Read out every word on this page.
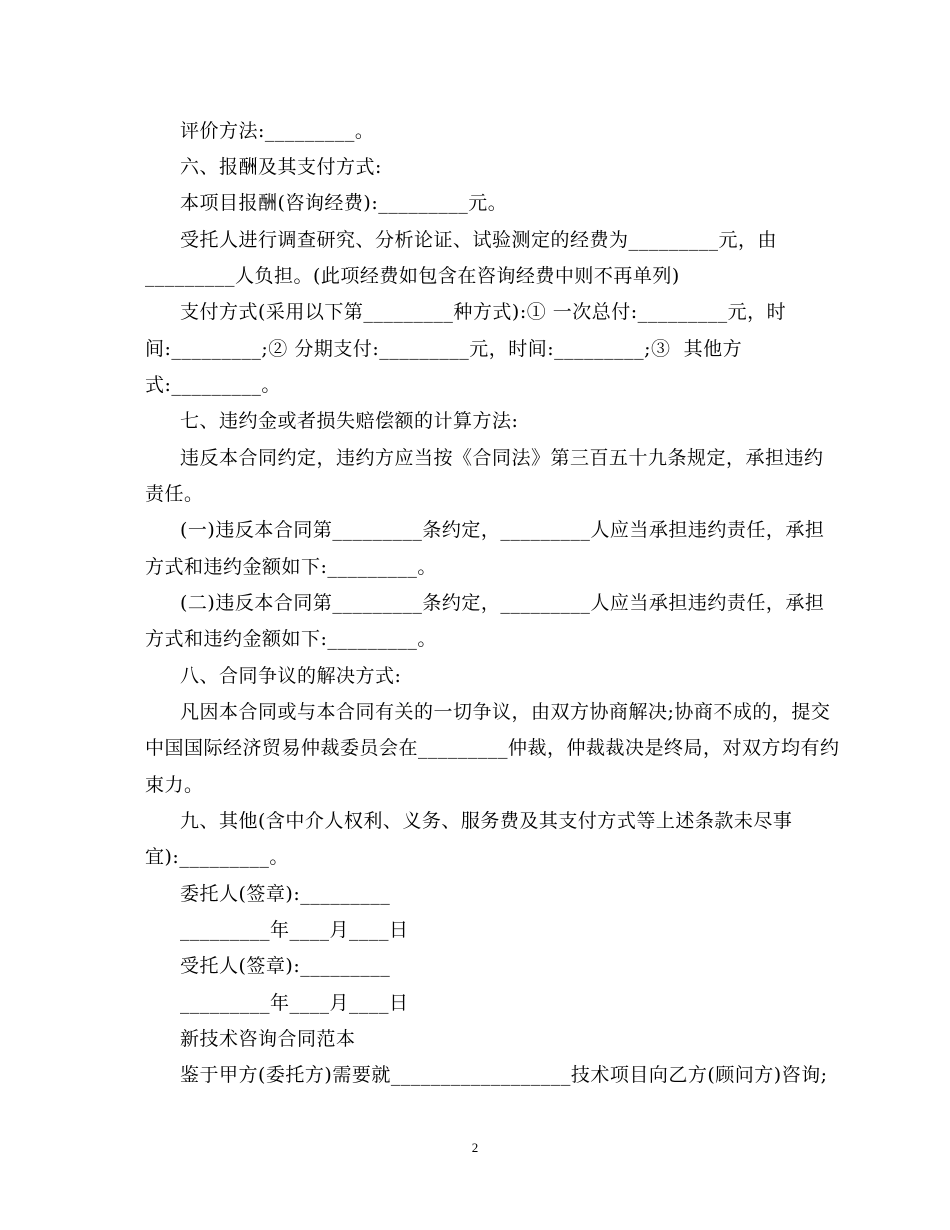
评价方法:_________。
六、报酬及其支付方式:
本项目报酬(咨询经费):_________元。
受托人进行调查研究、分析论证、试验测定的经费为_________元，由
_________人负担。(此项经费如包含在咨询经费中则不再单列)
支付方式(采用以下第_________种方式):① 一次总付:_________元，时
间:_________;② 分期支付:_________元，时间:_________;③  其他方
式:_________。
七、违约金或者损失赔偿额的计算方法:
违反本合同约定，违约方应当按《合同法》第三百五十九条规定，承担违约
责任。
(一)违反本合同第_________条约定，_________人应当承担违约责任，承担
方式和违约金额如下:_________。
(二)违反本合同第_________条约定，_________人应当承担违约责任，承担
方式和违约金额如下:_________。
八、合同争议的解决方式:
凡因本合同或与本合同有关的一切争议，由双方协商解决;协商不成的，提交
中国国际经济贸易仲裁委员会在_________仲裁，仲裁裁决是终局，对双方均有约
束力。
九、其他(含中介人权利、义务、服务费及其支付方式等上述条款未尽事
宜):_________。
委托人(签章):_________
_________年____月____日
受托人(签章):_________
_________年____月____日
新技术咨询合同范本
鉴于甲方(委托方)需要就__________________技术项目向乙方(顾问方)咨询;
2
